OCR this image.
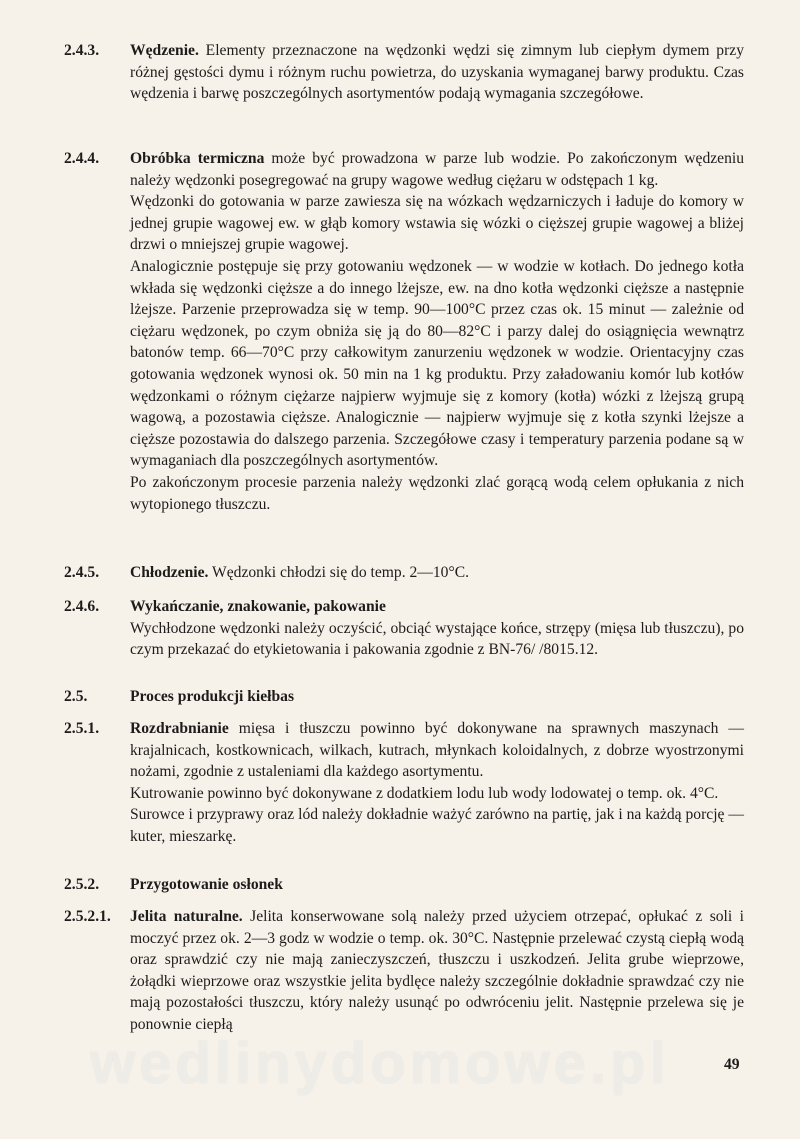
2.4.3.	Wędzenie. Elementy przeznaczone na wędzonki wędzi się zimnym lub ciepłym dymem przy różnej gęstości dymu i różnym ruchu powietrza, do uzyskania wymaganej barwy produktu. Czas wędzenia i barwę poszczególnych asortymentów podają wymagania szczegółowe.

2.4.4.	Obróbka termiczna może być prowadzona w parze lub wodzie. Po zakończonym wędzeniu należy wędzonki posegregować na grupy wagowe według ciężaru w odstępach 1 kg.

Wędzonki do gotowania w parze zawiesza się na wózkach wędzarniczych i ładuje do komory w jednej grupie wagowej ew. w głąb komory wstawia się wózki o cięższej grupie wagowej a bliżej drzwi o mniejszej grupie wagowej.

Analogicznie postępuje się przy gotowaniu wędzonek — w wodzie w kotłach. Do jednego kotła wkłada się wędzonki cięższe a do innego lżejsze, ew. na dno kotła wędzonki cięższe a następnie lżejsze. Parzenie przeprowadza się w temp. 90—100°C przez czas ok. 15 minut — zależnie od ciężaru wędzonek, po czym obniża się ją do 80—82°C i parzy dalej do osiągnięcia wewnątrz batonów temp. 66—70°C przy całkowitym zanurzeniu wędzonek w wodzie. Orientacyjny czas gotowania wędzonek wynosi ok. 50 min na 1 kg produktu. Przy załadowaniu komór lub kotłów wędzonkami o różnym ciężarze najpierw wyjmuje się z komory (kotła) wózki z lżejszą grupą wagową, a pozostawia cięższe. Analogicznie — najpierw wyjmuje się z kotła szynki lżejsze a cięższe pozostawia do dalszego parzenia. Szczegółowe czasy i temperatury parzenia podane są w wymaganiach dla poszczególnych asortymentów.

Po zakończonym procesie parzenia należy wędzonki zlać gorącą wodą celem opłukania z nich wytopionego tłuszczu.

2.4.5.	Chłodzenie. Wędzonki chłodzi się do temp. 2—10°C.

2.4.6.	Wykańczanie, znakowanie, pakowanie

Wychłodzone wędzonki należy oczyścić, obciąć wystające końce, strzępy (mięsa lub tłuszczu), po czym przekazać do etykietowania i pakowania zgodnie z BN-76/ /8015.12.

2.5.	Proces produkcji kiełbas

2.5.1.	Rozdrabnianie mięsa i tłuszczu powinno być dokonywane na sprawnych maszynach — krajalnicach, kostkownicach, wilkach, kutrach, młynkach koloidalnych, z dobrze wyostrzonymi nożami, zgodnie z ustaleniami dla każdego asortymentu.

Kutrowanie powinno być dokonywane z dodatkiem lodu lub wody lodowatej o temp. ok. 4°C.

Surowce i przyprawy oraz lód należy dokładnie ważyć zarówno na partię, jak i na każdą porcję — kuter, mieszarkę.

2.5.2.	Przygotowanie osłonek

2.5.2.1.	Jelita naturalne. Jelita konserwowane solą należy przed użyciem otrzepać, opłukać z soli i moczyć przez ok. 2—3 godz w wodzie o temp. ok. 30°C. Następnie przelewać czystą ciepłą wodą oraz sprawdzić czy nie mają zanieczyszczeń, tłuszczu i uszkodzeń. Jelita grube wieprzowe, żołądki wieprzowe oraz wszystkie jelita bydlęce należy szczególnie dokładnie sprawdzać czy nie mają pozostałości tłuszczu, który należy usunąć po odwróceniu jelit. Następnie przelewa się je ponownie ciepłą

wedlinydomowe.pl	49
